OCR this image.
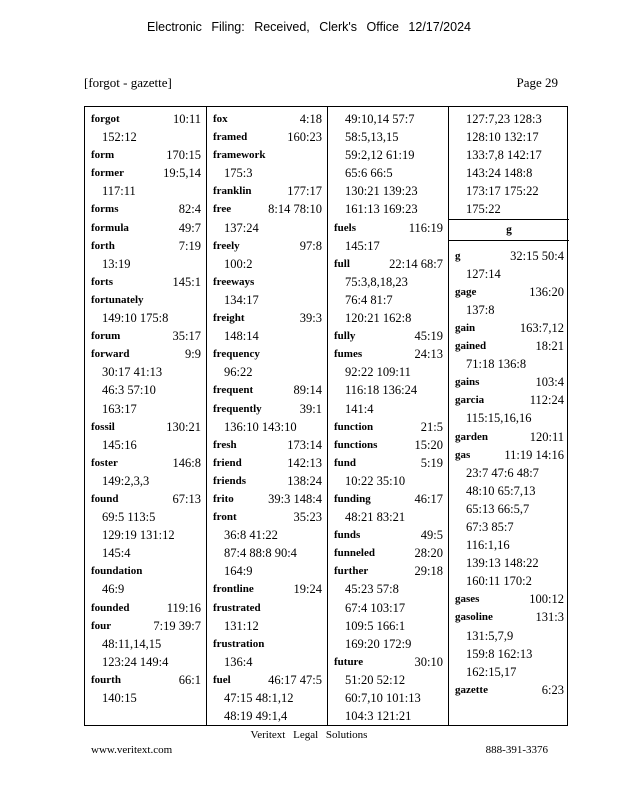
Electronic Filing: Received, Clerk's Office 12/17/2024
[forgot - gazette]	Page 29
forgot	10:11
152:12
form	170:15
former	19:5,14
117:11
forms	82:4
formula	49:7
forth	7:19
13:19
forts	145:1
fortunately
149:10 175:8
forum	35:17
forward	9:9
30:17 41:13
46:3 57:10
163:17
fossil	130:21
145:16
foster	146:8
149:2,3,3
found	67:13
69:5 113:5
129:19 131:12
145:4
foundation
46:9
founded	119:16
four	7:19 39:7
48:11,14,15
123:24 149:4
fourth	66:1
140:15
fox	4:18
framed	160:23
framework
175:3
franklin	177:17
free	8:14 78:10
137:24
freely	97:8
100:2
freeways
134:17
freight	39:3
148:14
frequency
96:22
frequent	89:14
frequently	39:1
136:10 143:10
fresh	173:14
friend	142:13
friends	138:24
frito	39:3 148:4
front	35:23
36:8 41:22
87:4 88:8 90:4
164:9
frontline	19:24
frustrated
131:12
frustration
136:4
fuel	46:17 47:5
47:15 48:1,12
48:19 49:1,4
49:10,14 57:7
58:5,13,15
59:2,12 61:19
65:6 66:5
130:21 139:23
161:13 169:23
fuels	116:19
145:17
full	22:14 68:7
75:3,8,18,23
76:4 81:7
120:21 162:8
fully	45:19
fumes	24:13
92:22 109:11
116:18 136:24
141:4
function	21:5
functions	15:20
fund	5:19
10:22 35:10
funding	46:17
48:21 83:21
funds	49:5
funneled	28:20
further	29:18
45:23 57:8
67:4 103:17
109:5 166:1
169:20 172:9
future	30:10
51:20 52:12
60:7,10 101:13
104:3 121:21
127:7,23 128:3
128:10 132:17
133:7,8 142:17
143:24 148:8
173:17 175:22
175:22
g
g	32:15 50:4
127:14
gage	136:20
137:8
gain	163:7,12
gained	18:21
71:18 136:8
gains	103:4
garcia	112:24
115:15,16,16
garden	120:11
gas	11:19 14:16
23:7 47:6 48:7
48:10 65:7,13
65:13 66:5,7
67:3 85:7
116:1,16
139:13 148:22
160:11 170:2
gases	100:12
gasoline	131:3
131:5,7,9
159:8 162:13
162:15,17
gazette	6:23
Veritext Legal Solutions
www.veritext.com	888-391-3376
